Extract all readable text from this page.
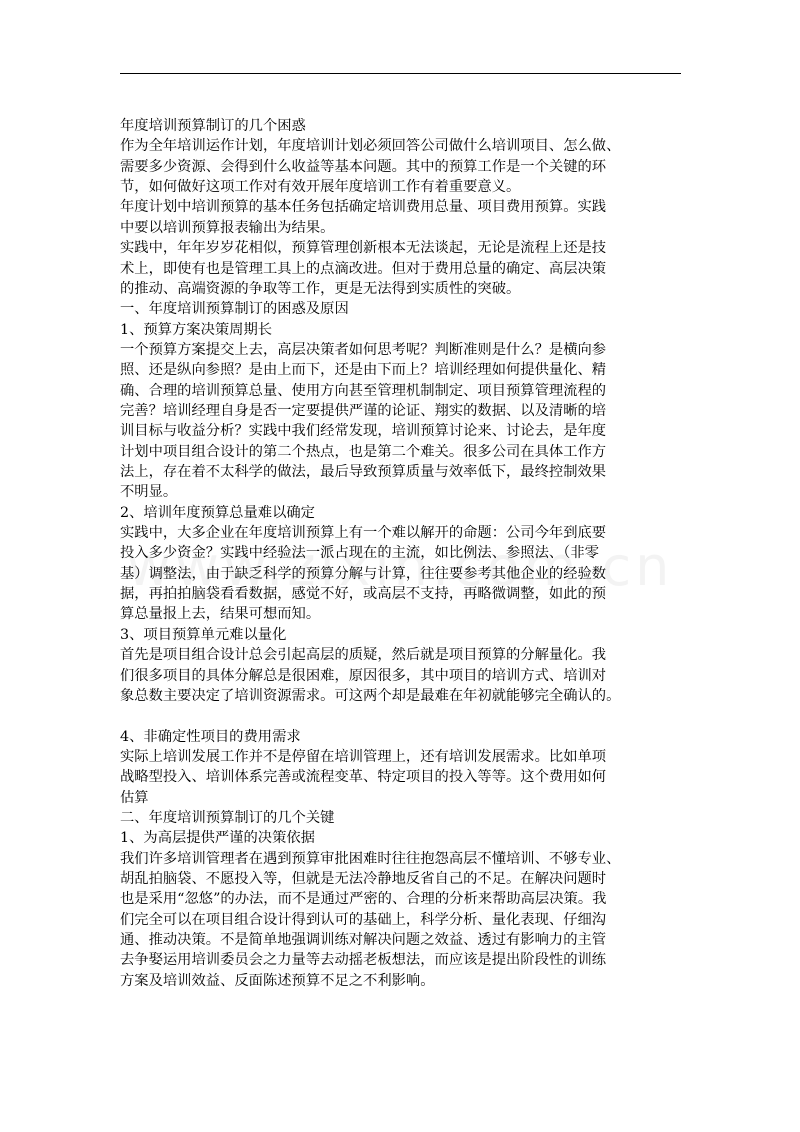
年度培训预算制订的几个困惑
作为全年培训运作计划，年度培训计划必须回答公司做什么培训项目、怎么做、
需要多少资源、会得到什么收益等基本问题。其中的预算工作是一个关键的环
节，如何做好这项工作对有效开展年度培训工作有着重要意义。
年度计划中培训预算的基本任务包括确定培训费用总量、项目费用预算。实践
中要以培训预算报表输出为结果。
实践中，年年岁岁花相似，预算管理创新根本无法谈起，无论是流程上还是技
术上，即使有也是管理工具上的点滴改进。但对于费用总量的确定、高层决策
的推动、高端资源的争取等工作，更是无法得到实质性的突破。
一、年度培训预算制订的困惑及原因
1、预算方案决策周期长
一个预算方案提交上去，高层决策者如何思考呢？判断准则是什么？是横向参
照、还是纵向参照？是由上而下，还是由下而上？培训经理如何提供量化、精
确、合理的培训预算总量、使用方向甚至管理机制制定、项目预算管理流程的
完善？培训经理自身是否一定要提供严谨的论证、翔实的数据、以及清晰的培
训目标与收益分析？实践中我们经常发现，培训预算讨论来、讨论去，是年度
计划中项目组合设计的第二个热点，也是第二个难关。很多公司在具体工作方
法上，存在着不太科学的做法，最后导致预算质量与效率低下，最终控制效果
不明显。
2、培训年度预算总量难以确定
实践中，大多企业在年度培训预算上有一个难以解开的命题：公司今年到底要
投入多少资金？实践中经验法一派占现在的主流，如比例法、参照法、（非零
基）调整法，由于缺乏科学的预算分解与计算，往往要参考其他企业的经验数
据，再拍拍脑袋看看数据，感觉不好，或高层不支持，再略微调整，如此的预
算总量报上去，结果可想而知。
3、项目预算单元难以量化
首先是项目组合设计总会引起高层的质疑，然后就是项目预算的分解量化。我
们很多项目的具体分解总是很困难，原因很多，其中项目的培训方式、培训对
象总数主要决定了培训资源需求。可这两个却是最难在年初就能够完全确认的。
4、非确定性项目的费用需求
实际上培训发展工作并不是停留在培训管理上，还有培训发展需求。比如单项
战略型投入、培训体系完善或流程变革、特定项目的投入等等。这个费用如何
估算
二、年度培训预算制订的几个关键
1、为高层提供严谨的决策依据
我们许多培训管理者在遇到预算审批困难时往往抱怨高层不懂培训、不够专业、
胡乱拍脑袋、不愿投入等，但就是无法冷静地反省自己的不足。在解决问题时
也是采用“忽悠”的办法，而不是通过严密的、合理的分析来帮助高层决策。我
们完全可以在项目组合设计得到认可的基础上，科学分析、量化表现、仔细沟
通、推动决策。不是简单地强调训练对解决问题之效益、透过有影响力的主管
去争娶运用培训委员会之力量等去动摇老板想法，而应该是提出阶段性的训练
方案及培训效益、反面陈述预算不足之不利影响。
